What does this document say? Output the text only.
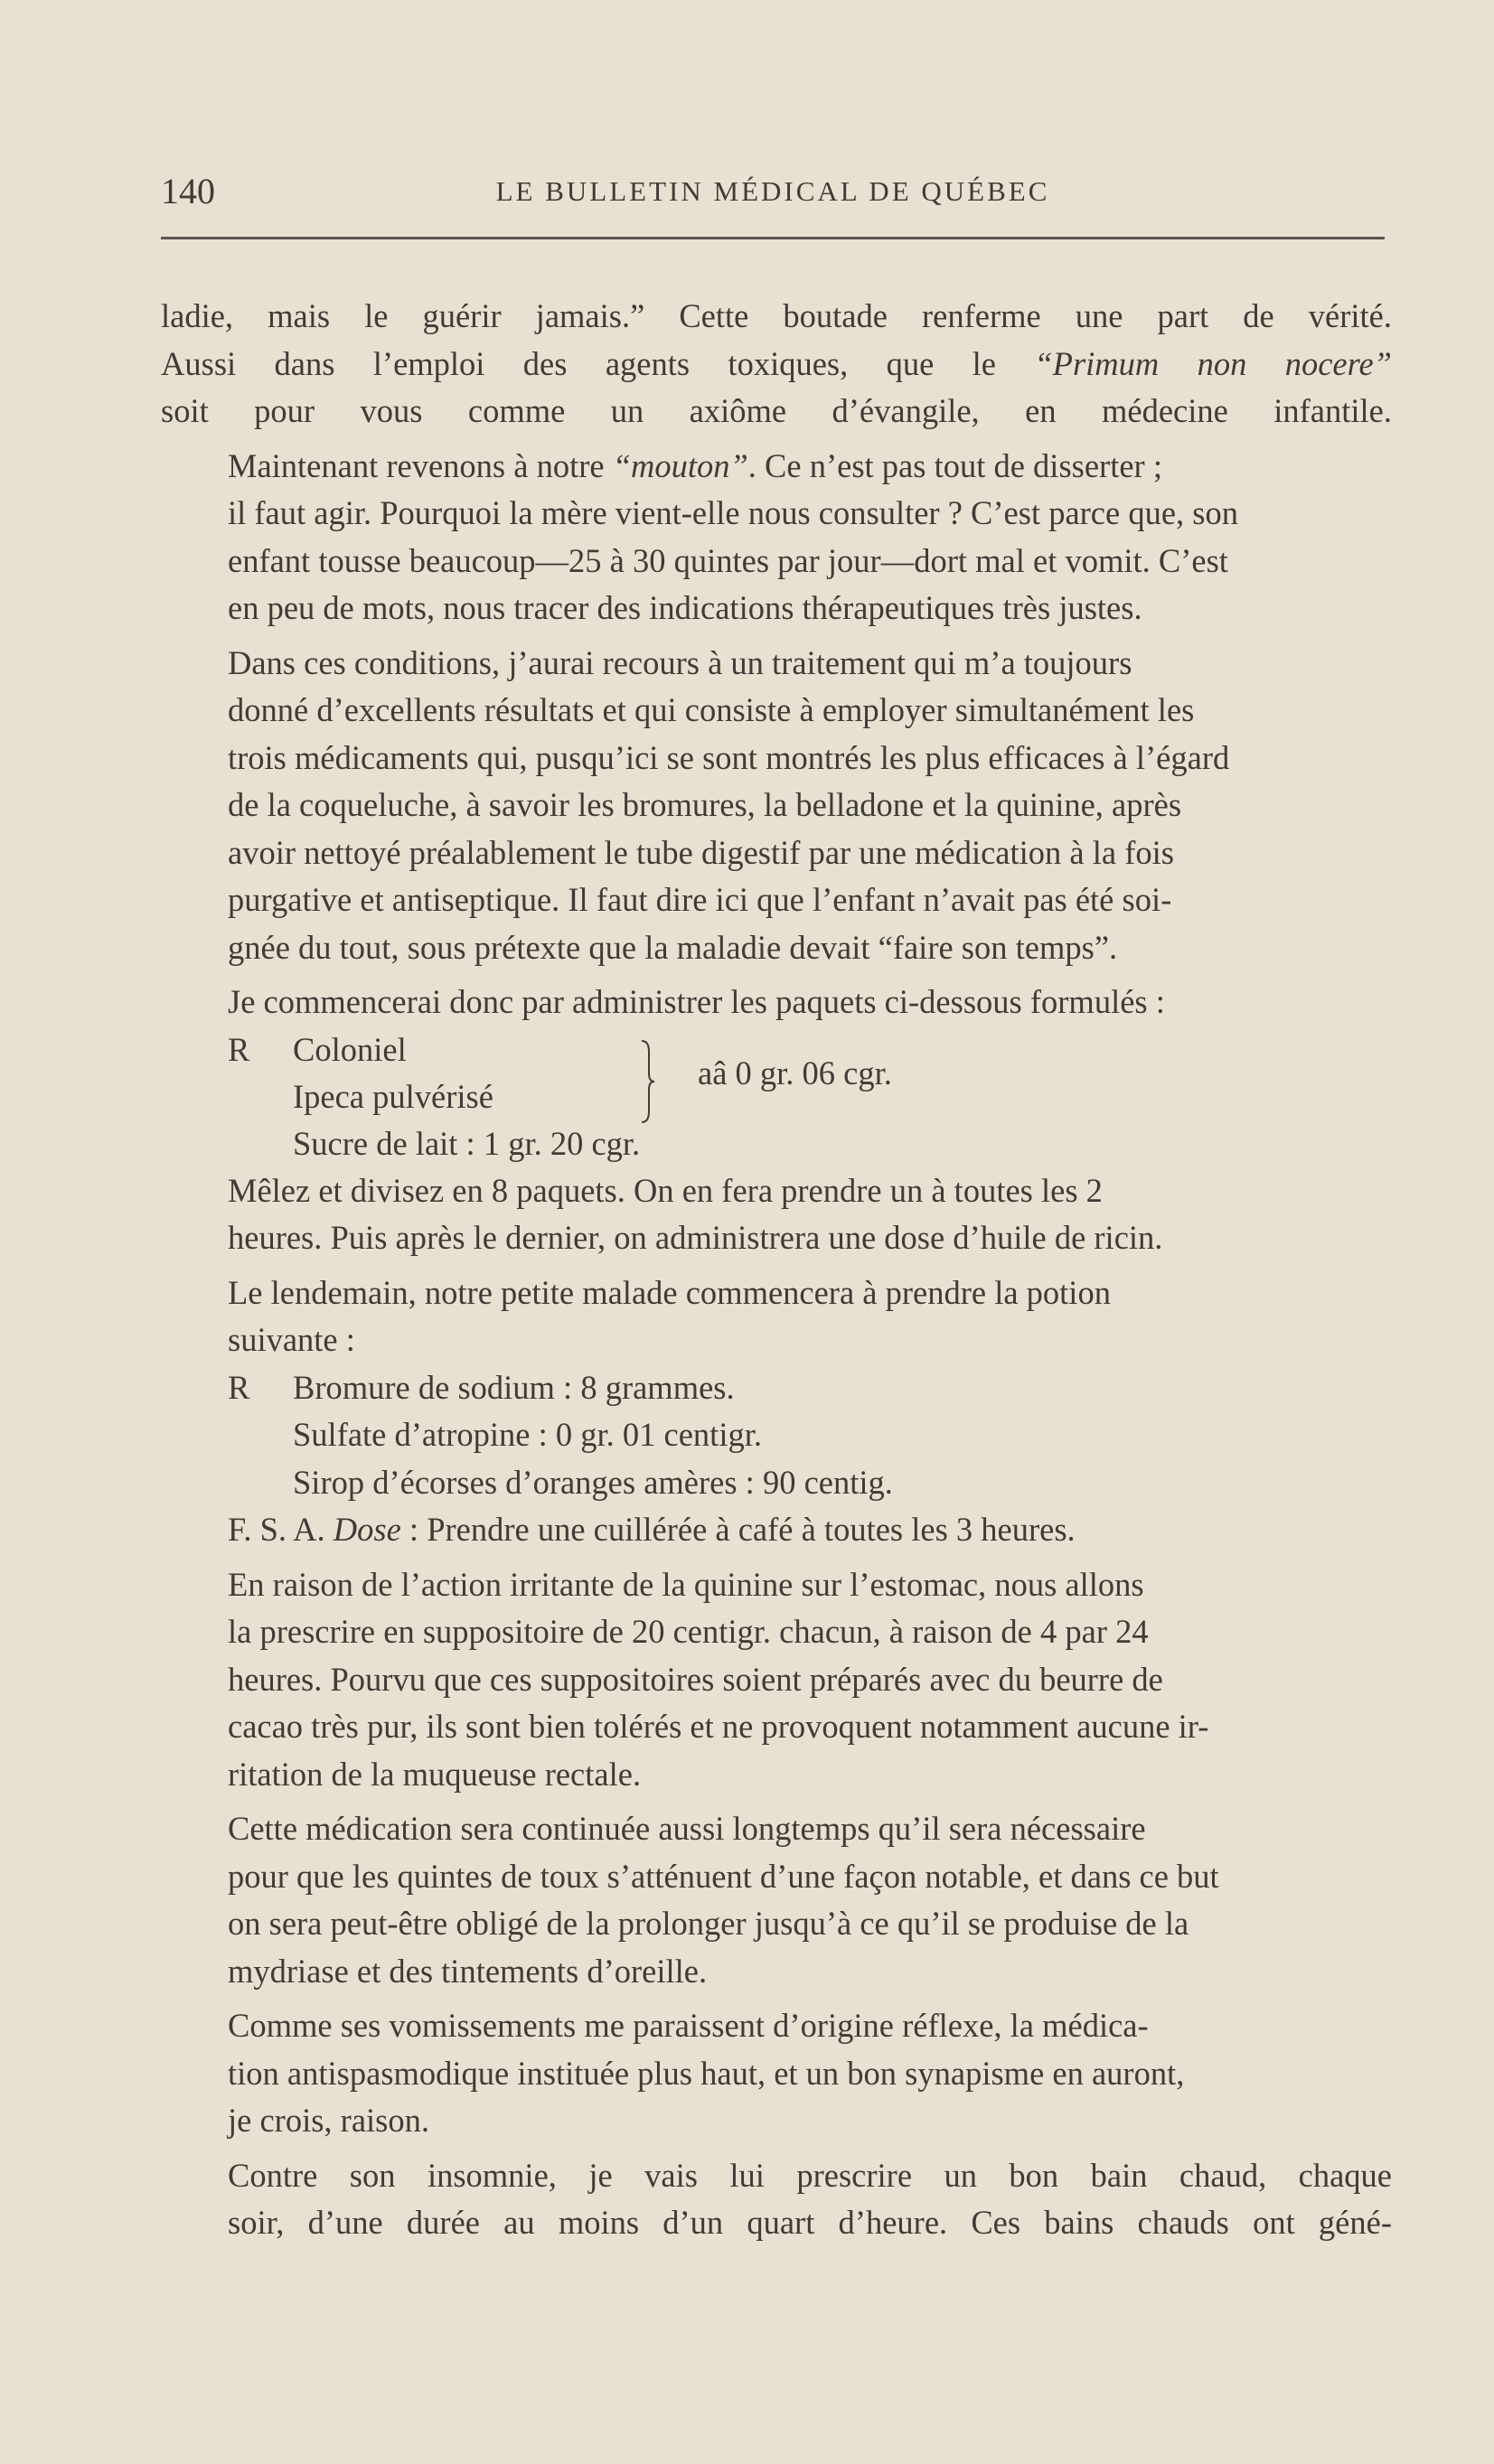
140	LE BULLETIN MÉDICAL DE QUÉBEC

ladie, mais le guérir jamais.” Cette boutade renferme une part de vérité.
Aussi dans l’emploi des agents toxiques, que le “Primum non nocere”
soit pour vous comme un axiôme d’évangile, en médecine infantile.

Maintenant revenons à notre “mouton”. Ce n’est pas tout de disserter ;
il faut agir. Pourquoi la mère vient-elle nous consulter ? C’est parce que, son
enfant tousse beaucoup—25 à 30 quintes par jour—dort mal et vomit. C’est
en peu de mots, nous tracer des indications thérapeutiques très justes.

Dans ces conditions, j’aurai recours à un traitement qui m’a toujours
donné d’excellents résultats et qui consiste à employer simultanément les
trois médicaments qui, pusqu’ici se sont montrés les plus efficaces à l’égard
de la coqueluche, à savoir les bromures, la belladone et la quinine, après
avoir nettoyé préalablement le tube digestif par une médication à la fois
purgative et antiseptique. Il faut dire ici que l’enfant n’avait pas été soi-
gnée du tout, sous prétexte que la maladie devait “faire son temps”.

Je commencerai donc par administrer les paquets ci-dessous formulés :

R Coloniel
Ipeca pulvérisé
aâ 0 gr. 06 cgr.
Sucre de lait : 1 gr. 20 cgr.

Mêlez et divisez en 8 paquets. On en fera prendre un à toutes les 2
heures. Puis après le dernier, on administrera une dose d’huile de ricin.

Le lendemain, notre petite malade commencera à prendre la potion
suivante :

R Bromure de sodium : 8 grammes.
Sulfate d’atropine : 0 gr. 01 centigr.
Sirop d’écorses d’oranges amères : 90 centig.

F. S. A. Dose : Prendre une cuillérée à café à toutes les 3 heures.

En raison de l’action irritante de la quinine sur l’estomac, nous allons
la prescrire en suppositoire de 20 centigr. chacun, à raison de 4 par 24
heures. Pourvu que ces suppositoires soient préparés avec du beurre de
cacao très pur, ils sont bien tolérés et ne provoquent notamment aucune ir-
ritation de la muqueuse rectale.

Cette médication sera continuée aussi longtemps qu’il sera nécessaire
pour que les quintes de toux s’atténuent d’une façon notable, et dans ce but
on sera peut-être obligé de la prolonger jusqu’à ce qu’il se produise de la
mydriase et des tintements d’oreille.

Comme ses vomissements me paraissent d’origine réflexe, la médica-
tion antispasmodique instituée plus haut, et un bon synapisme en auront,
je crois, raison.

Contre son insomnie, je vais lui prescrire un bon bain chaud, chaque
soir, d’une durée au moins d’un quart d’heure. Ces bains chauds ont géné-
